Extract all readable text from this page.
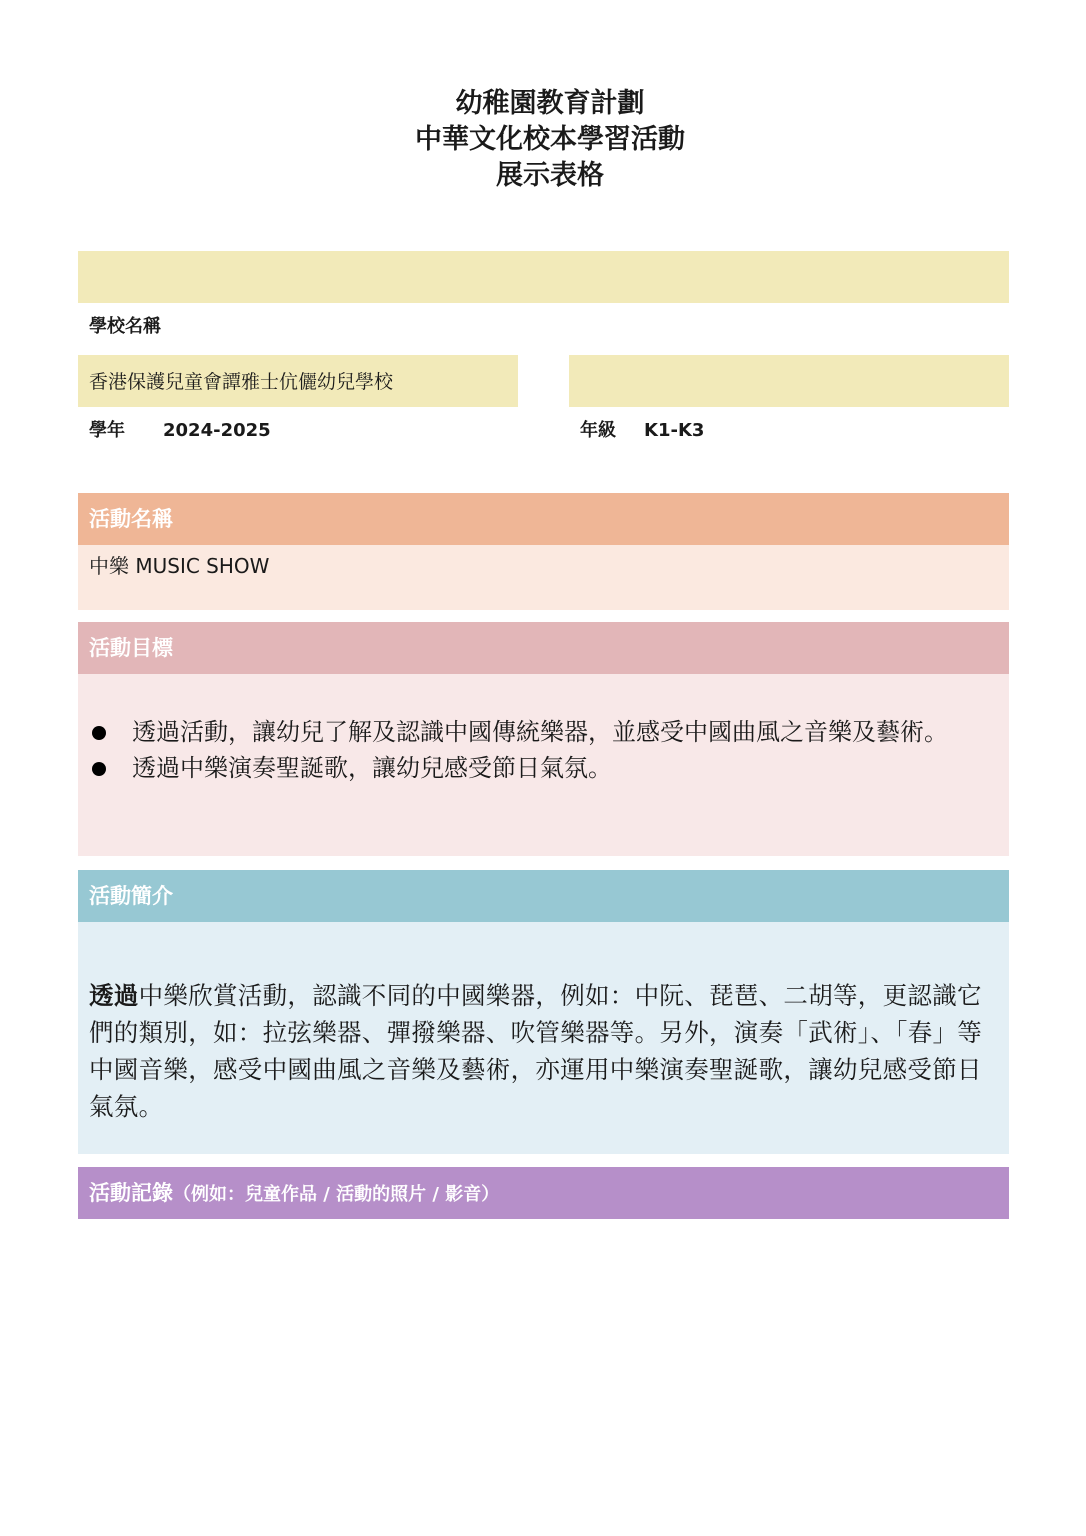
幼稚園教育計劃
中華文化校本學習活動
展示表格
學校名稱
香港保護兒童會譚雅士伉儷幼兒學校
學年 2024-2025	年級 K1-K3
活動名稱
中樂 MUSIC SHOW
活動目標
透過活動，讓幼兒了解及認識中國傳統樂器，並感受中國曲風之音樂及藝術。
透過中樂演奏聖誕歌，讓幼兒感受節日氣氛。
活動簡介
透過中樂欣賞活動，認識不同的中國樂器，例如：中阮、琵琶、二胡等，更認識它們的類別，如：拉弦樂器、彈撥樂器、吹管樂器等。另外，演奏「武術」、「春」等中國音樂，感受中國曲風之音樂及藝術，亦運用中樂演奏聖誕歌，讓幼兒感受節日氣氛。
活動記錄（例如：兒童作品 / 活動的照片 / 影音）
